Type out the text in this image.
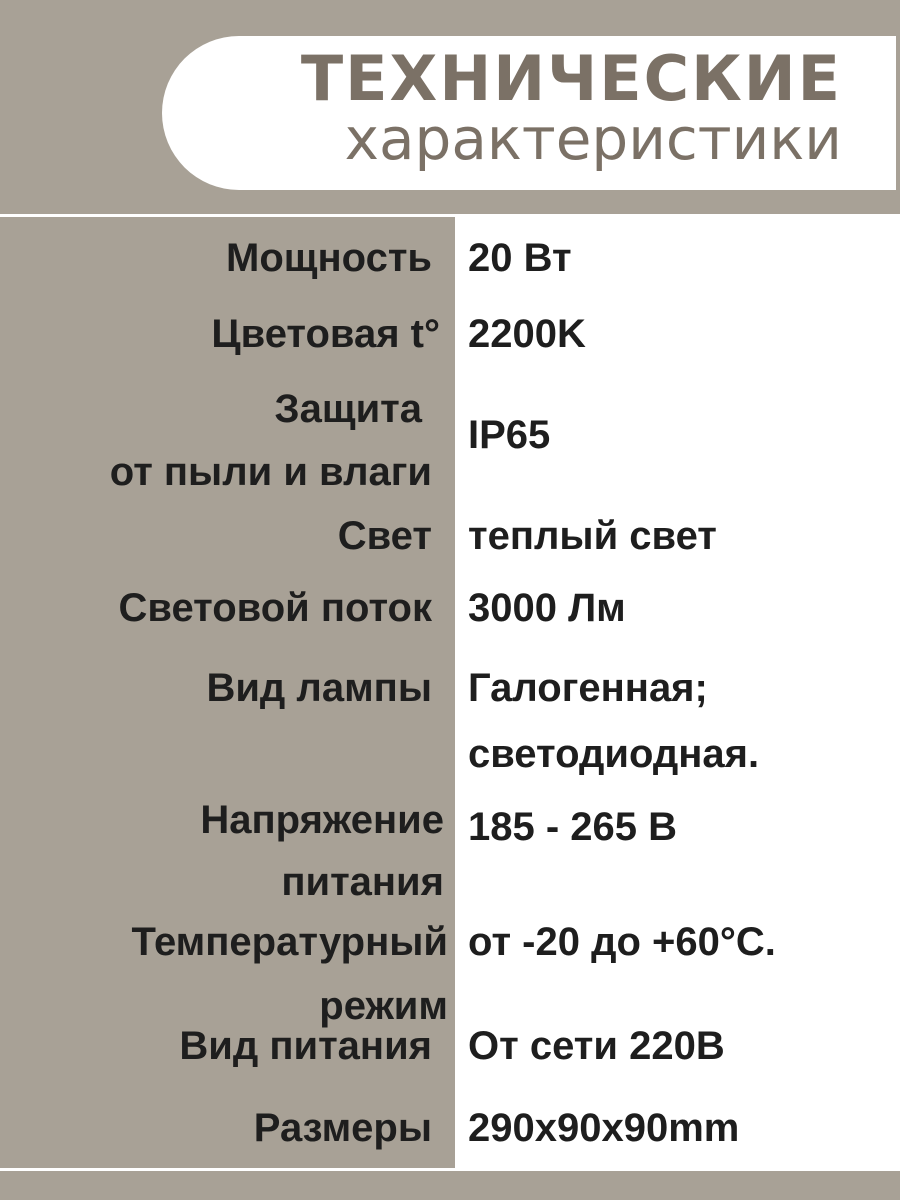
ТЕХНИЧЕСКИЕ
характеристики
Мощность 20 Вт
Цветовая t° 2200K
Защита
от пыли и влаги
IP65
Свет теплый свет
Световой поток 3000 Лм
Вид лампы Галогенная;
светодиодная.
Напряжение
питания
185 - 265 В
Температурный
режим
от -20 до +60°С.
Вид питания От сети 220В
Размеры 290x90x90mm
